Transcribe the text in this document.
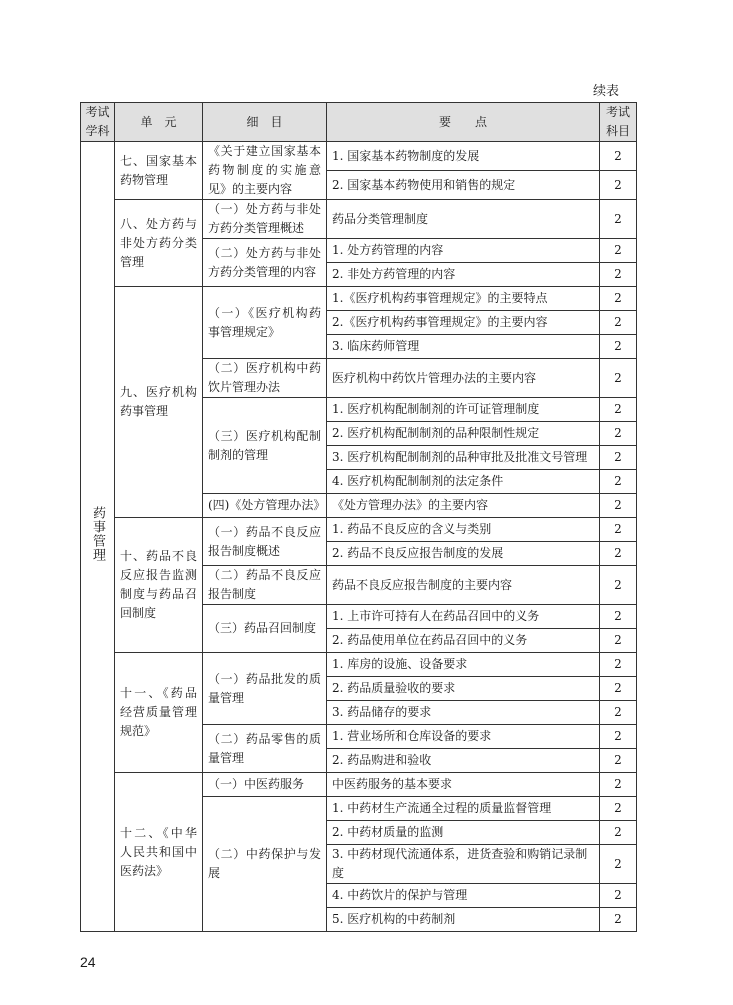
续表
考试学科	单　元	细　目	要　　点	考试科目
药事管理	七、国家基本药物管理	《关于建立国家基本药物制度的实施意见》的主要内容	1. 国家基本药物制度的发展	2
			2. 国家基本药物使用和销售的规定	2
	八、处方药与非处方药分类管理	（一）处方药与非处方药分类管理概述	药品分类管理制度	2
		（二）处方药与非处方药分类管理的内容	1. 处方药管理的内容	2
			2. 非处方药管理的内容	2
	九、医疗机构药事管理	（一）《医疗机构药事管理规定》	1.《医疗机构药事管理规定》的主要特点	2
			2.《医疗机构药事管理规定》的主要内容	2
			3. 临床药师管理	2
		（二）医疗机构中药饮片管理办法	医疗机构中药饮片管理办法的主要内容	2
		（三）医疗机构配制制剂的管理	1. 医疗机构配制制剂的许可证管理制度	2
			2. 医疗机构配制制剂的品种限制性规定	2
			3. 医疗机构配制制剂的品种审批及批准文号管理	2
			4. 医疗机构配制制剂的法定条件	2
		(四)《处方管理办法》	《处方管理办法》的主要内容	2
	十、药品不良反应报告监测制度与药品召回制度	（一）药品不良反应报告制度概述	1. 药品不良反应的含义与类别	2
			2. 药品不良反应报告制度的发展	2
		（二）药品不良反应报告制度	药品不良反应报告制度的主要内容	2
		（三）药品召回制度	1. 上市许可持有人在药品召回中的义务	2
			2. 药品使用单位在药品召回中的义务	2
	十一、《药品经营质量管理规范》	（一）药品批发的质量管理	1. 库房的设施、设备要求	2
			2. 药品质量验收的要求	2
			3. 药品储存的要求	2
		（二）药品零售的质量管理	1. 营业场所和仓库设备的要求	2
			2. 药品购进和验收	2
	十二、《中华人民共和国中医药法》	（一）中医药服务	中医药服务的基本要求	2
		（二）中药保护与发展	1. 中药材生产流通全过程的质量监督管理	2
			2. 中药材质量的监测	2
			3. 中药材现代流通体系，进货查验和购销记录制度	2
			4. 中药饮片的保护与管理	2
			5. 医疗机构的中药制剂	2
24
